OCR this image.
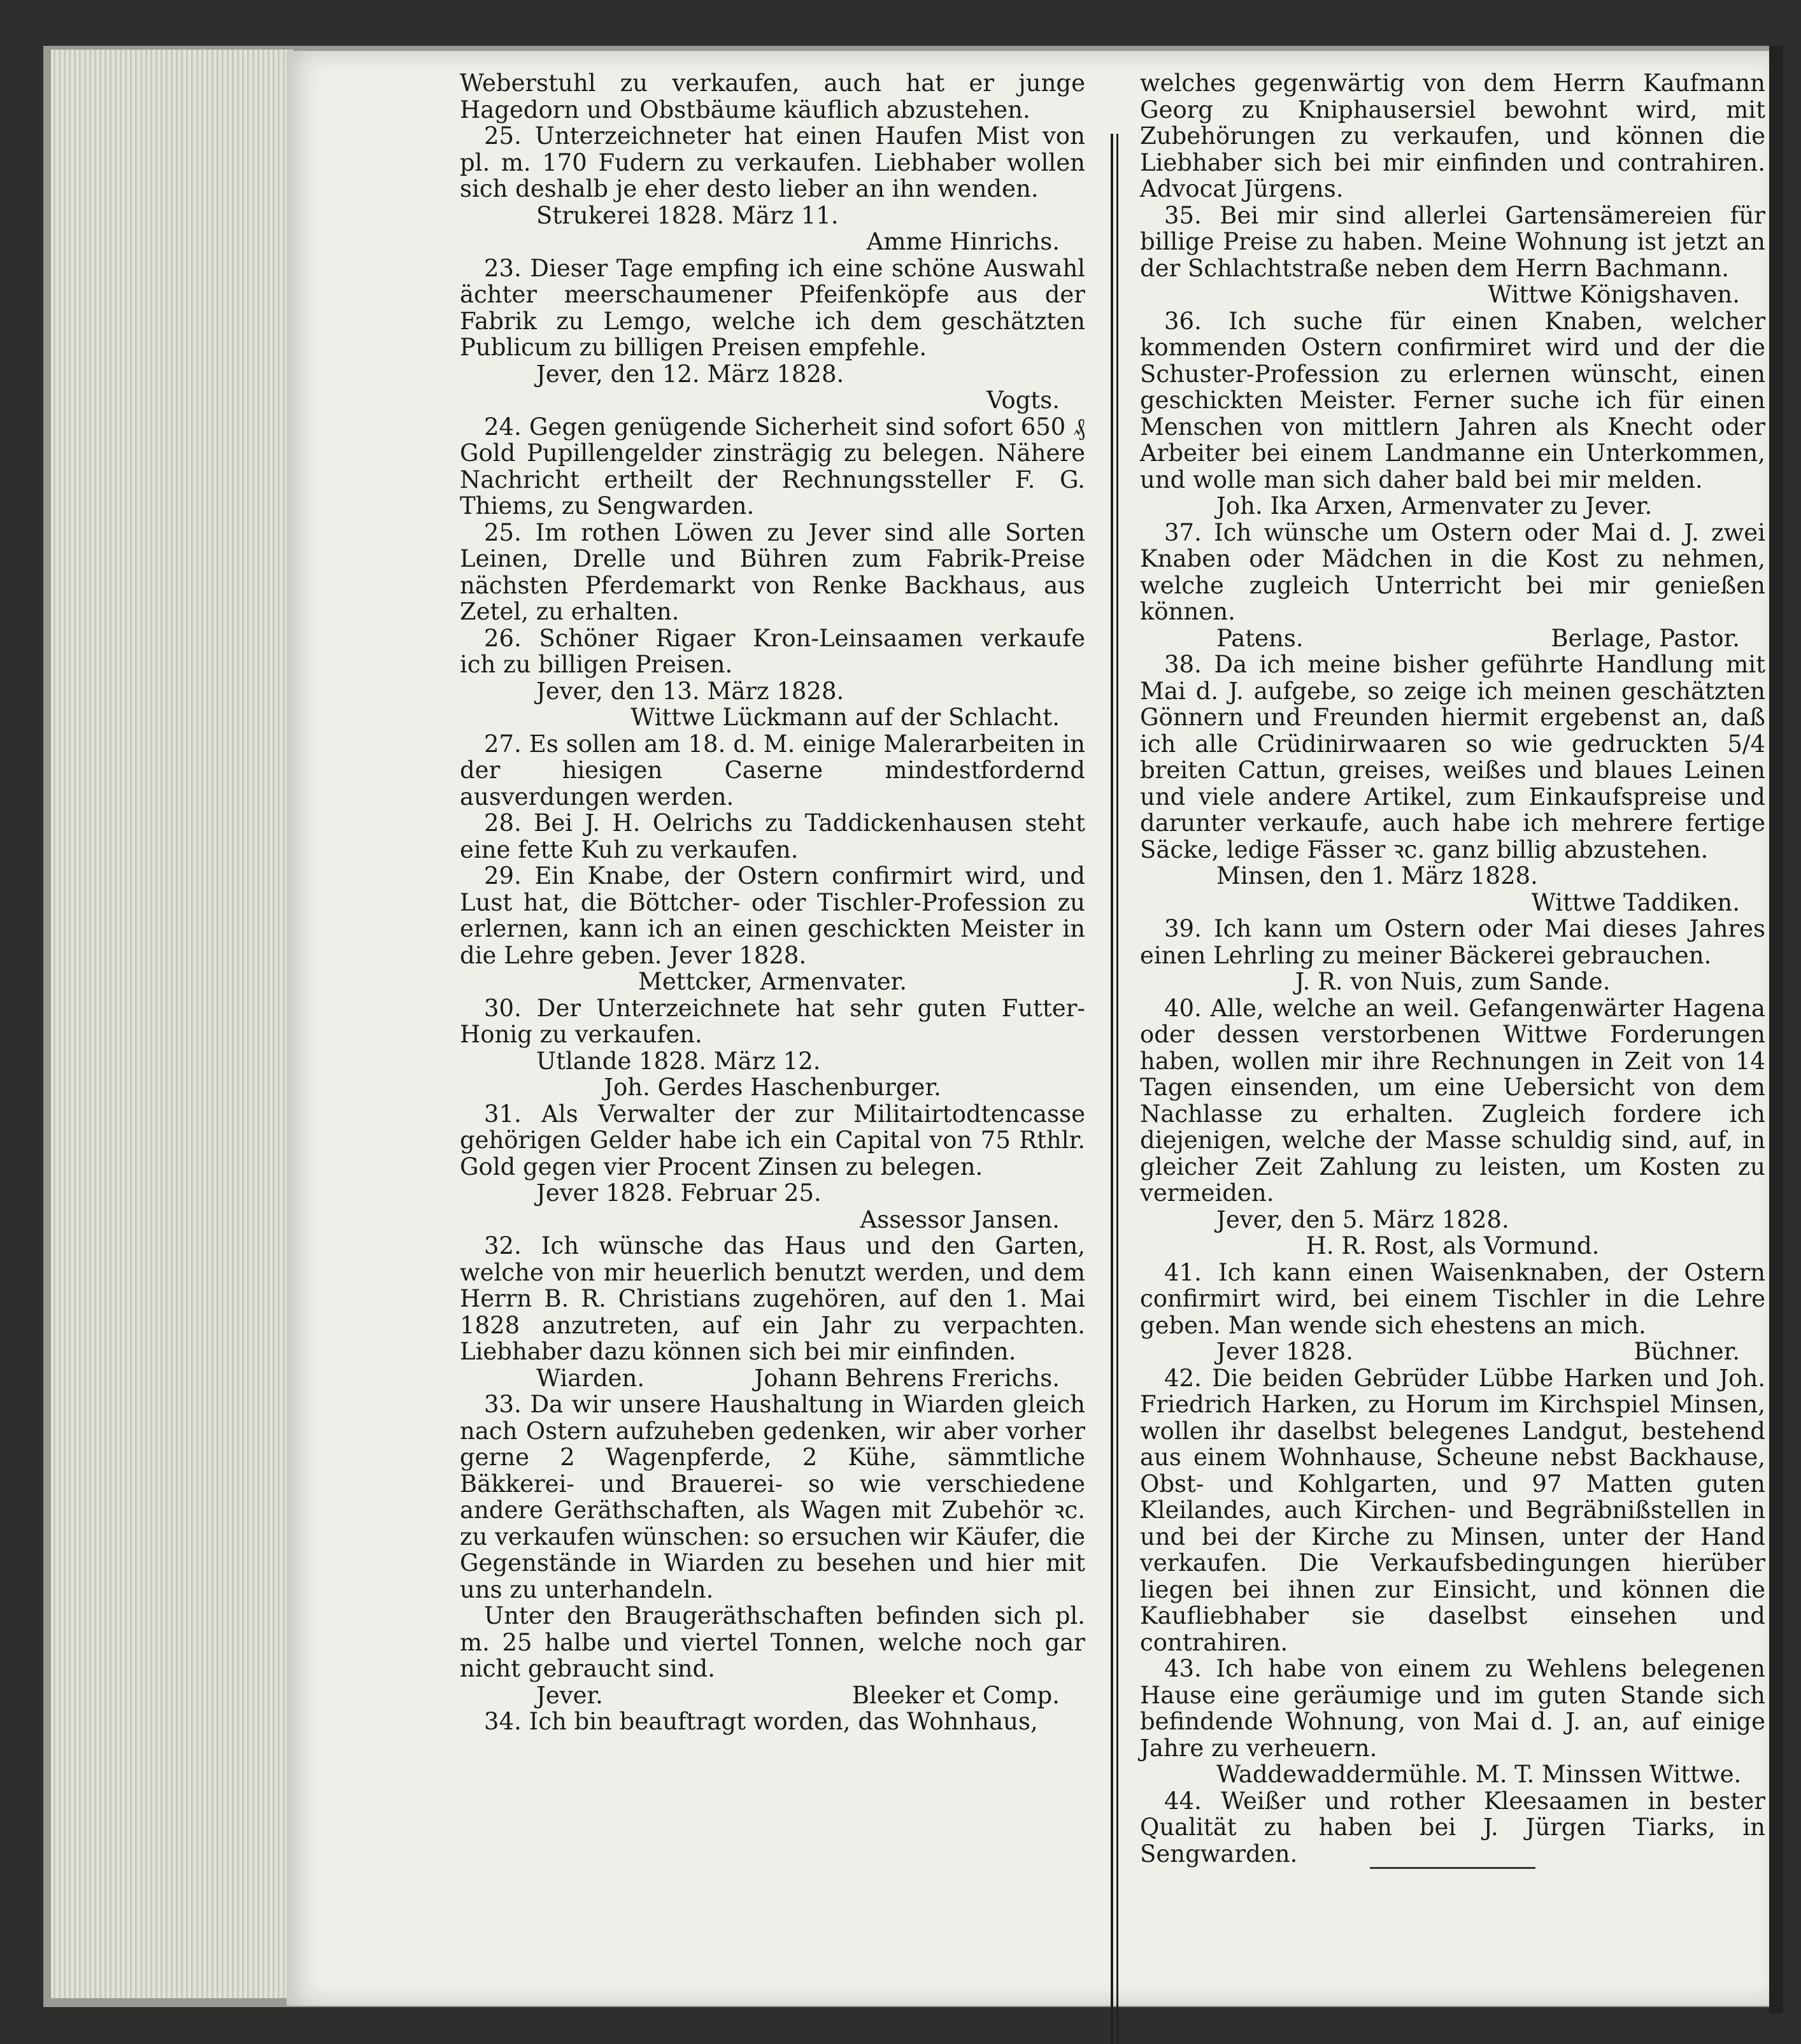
Weberstuhl zu verkaufen, auch hat er junge Hagedorn und Obstbäume käuflich abzustehen.
25. Unterzeichneter hat einen Haufen Mist von pl. m. 170 Fudern zu verkaufen. Liebhaber wollen sich deshalb je eher desto lieber an ihn wenden.
Strukerei 1828. März 11.
Amme Hinrichs.
23. Dieser Tage empfing ich eine schöne Auswahl ächter meerschaumener Pfeifenköpfe aus der Fabrik zu Lemgo, welche ich dem geschätzten Publicum zu billigen Preisen empfehle.
Jever, den 12. März 1828.
Vogts.
24. Gegen genügende Sicherheit sind sofort 650 ₰ Gold Pupillengelder zinsträgig zu belegen. Nähere Nachricht ertheilt der Rechnungssteller F. G. Thiems, zu Sengwarden.
25. Im rothen Löwen zu Jever sind alle Sorten Leinen, Drelle und Bühren zum Fabrik-Preise nächsten Pferdemarkt von Renke Backhaus, aus Zetel, zu erhalten.
26. Schöner Rigaer Kron-Leinsaamen verkaufe ich zu billigen Preisen.
Jever, den 13. März 1828.
Wittwe Lückmann auf der Schlacht.
27. Es sollen am 18. d. M. einige Malerarbeiten in der hiesigen Caserne mindestfordernd ausverdungen werden.
28. Bei J. H. Oelrichs zu Taddickenhausen steht eine fette Kuh zu verkaufen.
29. Ein Knabe, der Ostern confirmirt wird, und Lust hat, die Böttcher- oder Tischler-Profession zu erlernen, kann ich an einen geschickten Meister in die Lehre geben. Jever 1828.
Mettcker, Armenvater.
30. Der Unterzeichnete hat sehr guten Futter-Honig zu verkaufen.
Utlande 1828. März 12.
Joh. Gerdes Haschenburger.
31. Als Verwalter der zur Militairtodtencasse gehörigen Gelder habe ich ein Capital von 75 Rthlr. Gold gegen vier Procent Zinsen zu belegen.
Jever 1828. Februar 25.
Assessor Jansen.
32. Ich wünsche das Haus und den Garten, welche von mir heuerlich benutzt werden, und dem Herrn B. R. Christians zugehören, auf den 1. Mai 1828 anzutreten, auf ein Jahr zu verpachten. Liebhaber dazu können sich bei mir einfinden.
Wiarden.	Johann Behrens Frerichs.
33. Da wir unsere Haushaltung in Wiarden gleich nach Ostern aufzuheben gedenken, wir aber vorher gerne 2 Wagenpferde, 2 Kühe, sämmtliche Bäkkerei- und Brauerei- so wie verschiedene andere Geräthschaften, als Wagen mit Zubehör ꝛc. zu verkaufen wünschen: so ersuchen wir Käufer, die Gegenstände in Wiarden zu besehen und hier mit uns zu unterhandeln.
Unter den Braugeräthschaften befinden sich pl. m. 25 halbe und viertel Tonnen, welche noch gar nicht gebraucht sind.
Jever.	Bleeker et Comp.
34. Ich bin beauftragt worden, das Wohnhaus,
welches gegenwärtig von dem Herrn Kaufmann Georg zu Kniphausersiel bewohnt wird, mit Zubehörungen zu verkaufen, und können die Liebhaber sich bei mir einfinden und contrahiren. Advocat Jürgens.
35. Bei mir sind allerlei Gartensämereien für billige Preise zu haben. Meine Wohnung ist jetzt an der Schlachtstraße neben dem Herrn Bachmann.
Wittwe Königshaven.
36. Ich suche für einen Knaben, welcher kommenden Ostern confirmiret wird und der die Schuster-Profession zu erlernen wünscht, einen geschickten Meister. Ferner suche ich für einen Menschen von mittlern Jahren als Knecht oder Arbeiter bei einem Landmanne ein Unterkommen, und wolle man sich daher bald bei mir melden.
Joh. Ika Arxen, Armenvater zu Jever.
37. Ich wünsche um Ostern oder Mai d. J. zwei Knaben oder Mädchen in die Kost zu nehmen, welche zugleich Unterricht bei mir genießen können.
Patens.	Berlage, Pastor.
38. Da ich meine bisher geführte Handlung mit Mai d. J. aufgebe, so zeige ich meinen geschätzten Gönnern und Freunden hiermit ergebenst an, daß ich alle Crüdinirwaaren so wie gedruckten 5/4 breiten Cattun, greises, weißes und blaues Leinen und viele andere Artikel, zum Einkaufspreise und darunter verkaufe, auch habe ich mehrere fertige Säcke, ledige Fässer ꝛc. ganz billig abzustehen.
Minsen, den 1. März 1828.
Wittwe Taddiken.
39. Ich kann um Ostern oder Mai dieses Jahres einen Lehrling zu meiner Bäckerei gebrauchen.
J. R. von Nuis, zum Sande.
40. Alle, welche an weil. Gefangenwärter Hagena oder dessen verstorbenen Wittwe Forderungen haben, wollen mir ihre Rechnungen in Zeit von 14 Tagen einsenden, um eine Uebersicht von dem Nachlasse zu erhalten. Zugleich fordere ich diejenigen, welche der Masse schuldig sind, auf, in gleicher Zeit Zahlung zu leisten, um Kosten zu vermeiden.
Jever, den 5. März 1828.
H. R. Rost, als Vormund.
41. Ich kann einen Waisenknaben, der Ostern confirmirt wird, bei einem Tischler in die Lehre geben. Man wende sich ehestens an mich.
Jever 1828.	Büchner.
42. Die beiden Gebrüder Lübbe Harken und Joh. Friedrich Harken, zu Horum im Kirchspiel Minsen, wollen ihr daselbst belegenes Landgut, bestehend aus einem Wohnhause, Scheune nebst Backhause, Obst- und Kohlgarten, und 97 Matten guten Kleilandes, auch Kirchen- und Begräbnißstellen in und bei der Kirche zu Minsen, unter der Hand verkaufen. Die Verkaufsbedingungen hierüber liegen bei ihnen zur Einsicht, und können die Kaufliebhaber sie daselbst einsehen und contrahiren.
43. Ich habe von einem zu Wehlens belegenen Hause eine geräumige und im guten Stande sich befindende Wohnung, von Mai d. J. an, auf einige Jahre zu verheuern.
Waddewaddermühle. M. T. Minssen Wittwe.
44. Weißer und rother Kleesaamen in bester Qualität zu haben bei J. Jürgen Tiarks, in Sengwarden.
